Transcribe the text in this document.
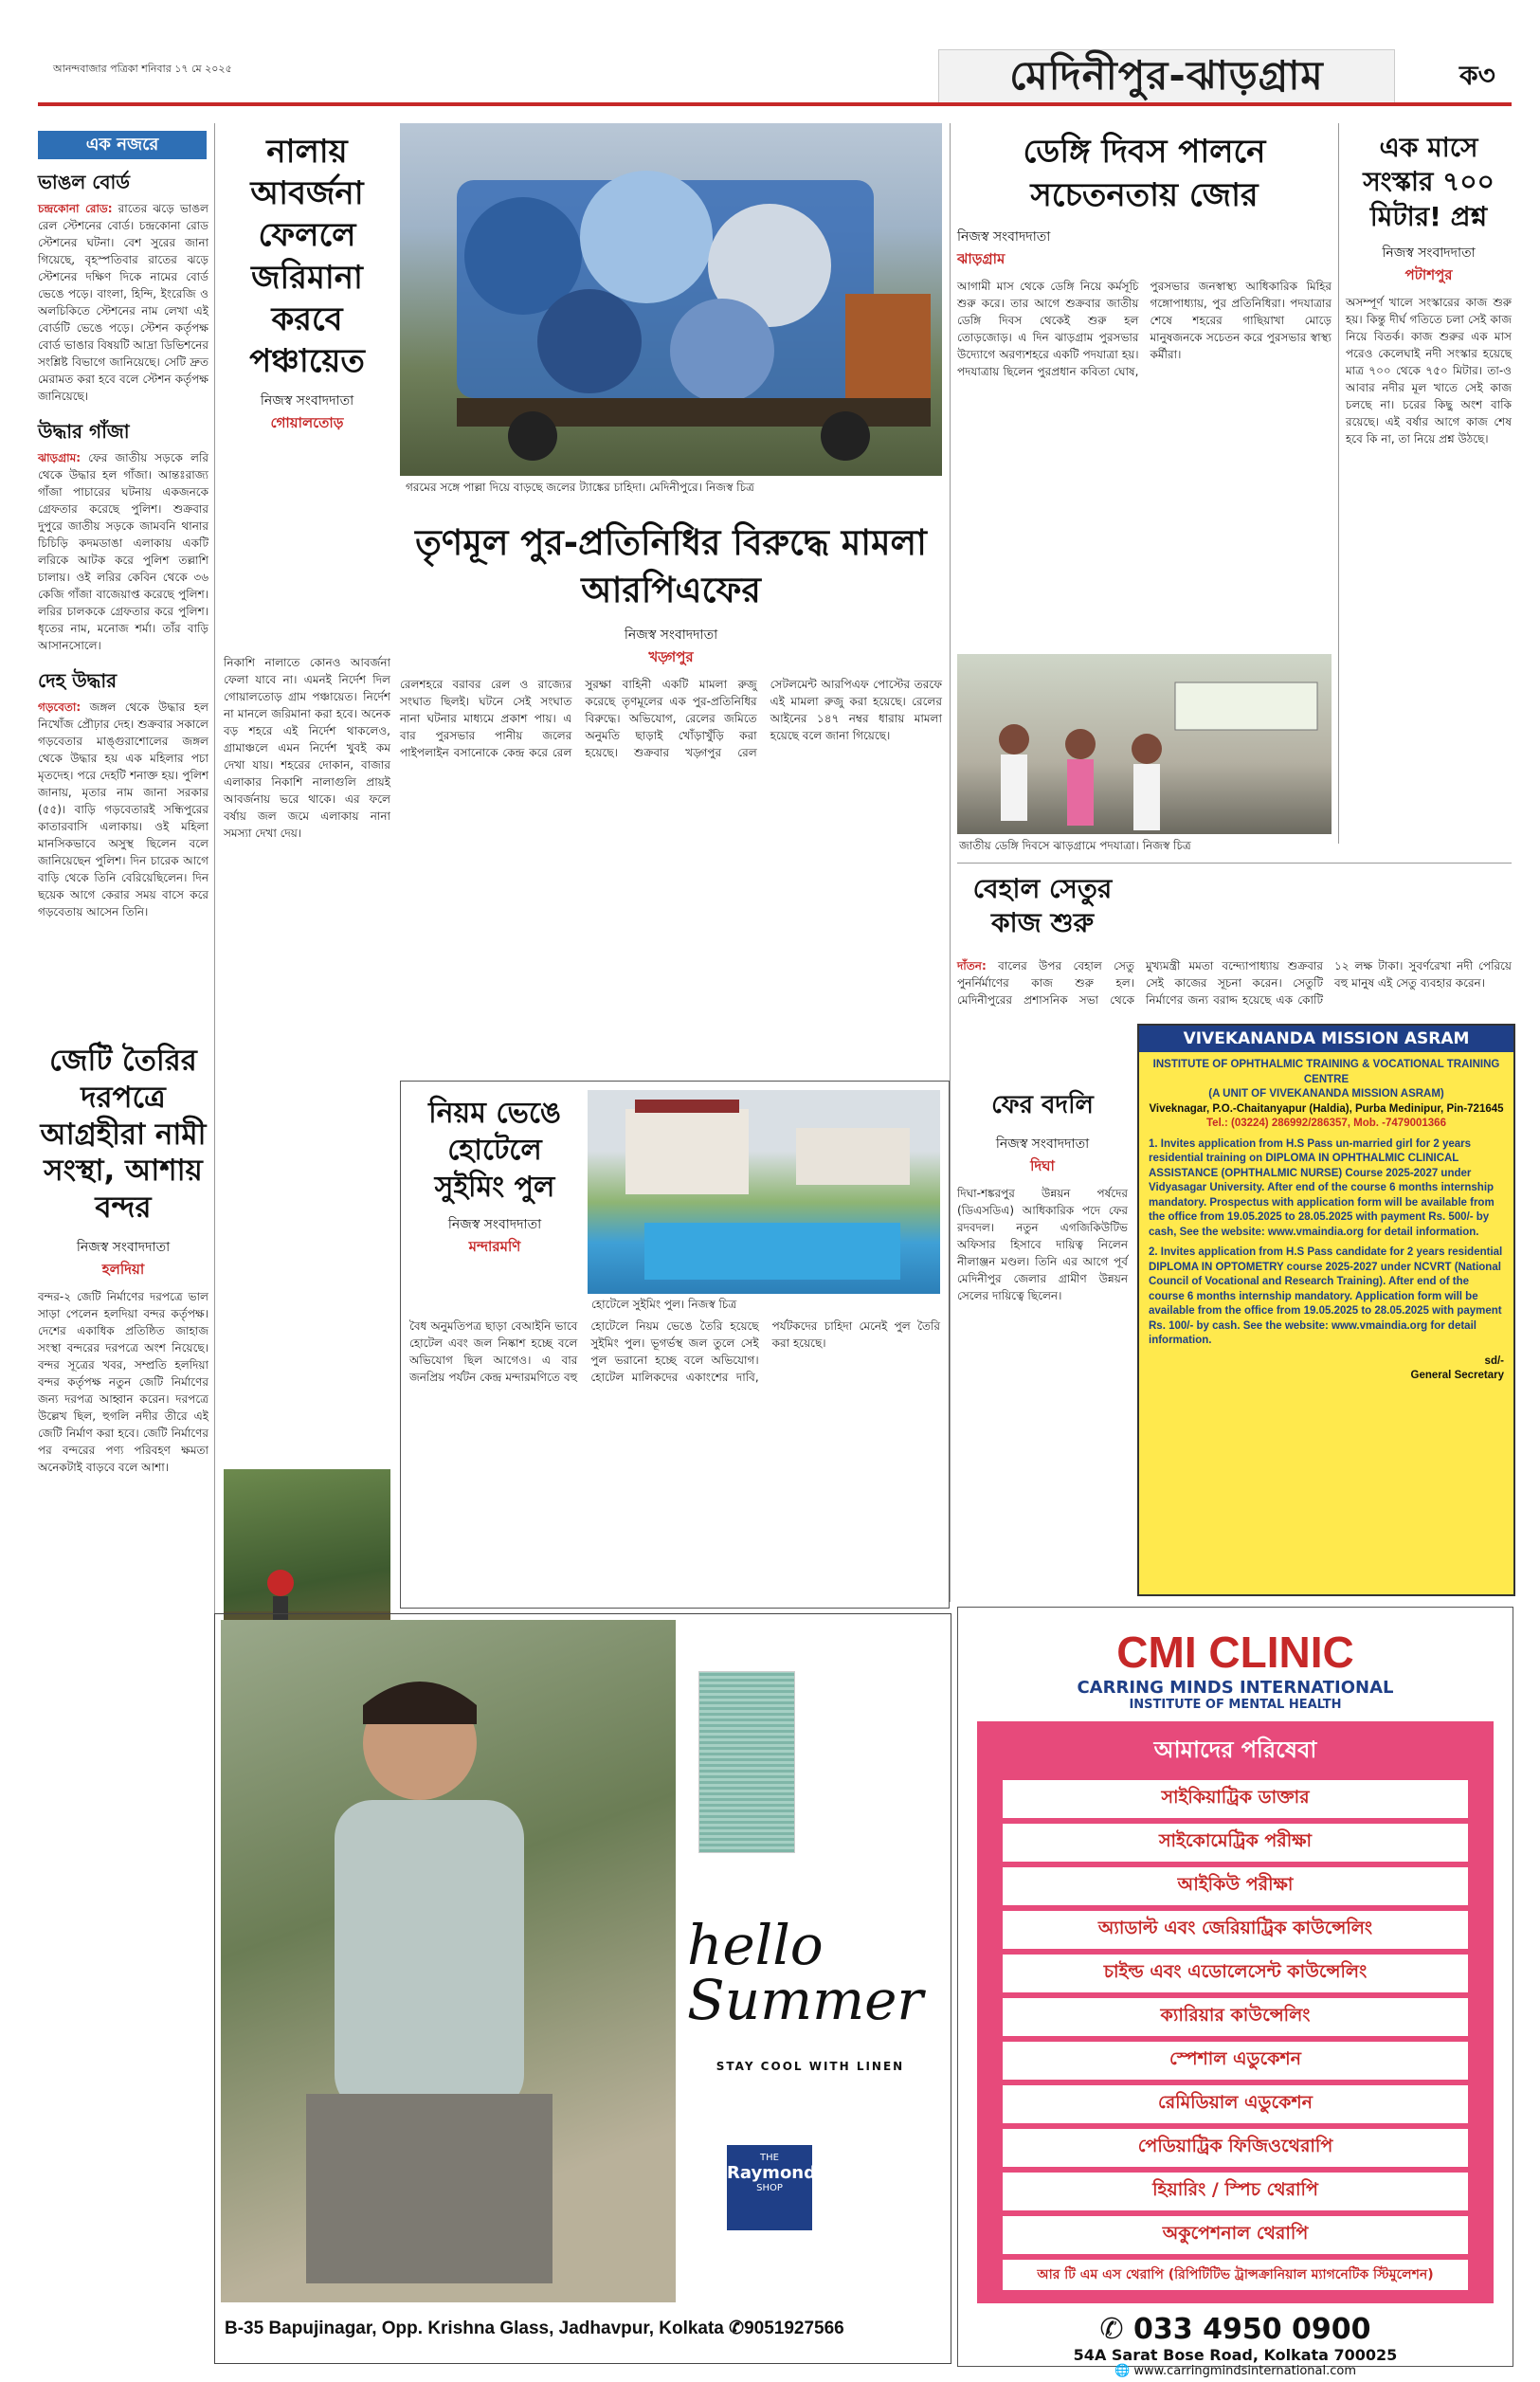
আনন্দবাজার পত্রিকা শনিবার ১৭ মে ২০২৫	মেদিনীপুর-ঝাড়গ্রাম	ক৩
এক নজরে
ভাঙল বোর্ড
চন্দ্রকোনা রোড: রাতের ঝড়ে ভাঙল রেল স্টেশনের বোর্ড। চন্দ্রকোনা রোড স্টেশনের ঘটনা। বেশ সুরের জানা গিয়েছে, বৃহস্পতিবার রাতের ঝড়ে স্টেশনের দক্ষিণ দিকে নামের বোর্ড ভেঙে পড়ে। বাংলা, হিন্দি, ইংরেজি ও অলচিকিতে স্টেশনের নাম লেখা এই বোর্ডটি ভেঙে পড়ে। স্টেশন কর্তৃপক্ষ বোর্ড ভাঙার বিষয়টি আদ্রা ডিভিশনের সংশ্লিষ্ট বিভাগে জানিয়েছে। সেটি দ্রুত মেরামত করা হবে বলে স্টেশন কর্তৃপক্ষ জানিয়েছে।
উদ্ধার গাঁজা
ঝাড়গ্রাম: ফের জাতীয় সড়কে লরি থেকে উদ্ধার হল গাঁজা। আন্তঃরাজ্য গাঁজা পাচারের ঘটনায় একজনকে গ্রেফতার করেছে পুলিশ। শুক্রবার দুপুরে জাতীয় সড়কে জামবনি থানার চিচিড়ি কদমডাঙা এলাকায় একটি লরিকে আটক করে পুলিশ তল্লাশি চালায়। ওই লরির কেবিন থেকে ৩৬ কেজি গাঁজা বাজেয়াপ্ত করেছে পুলিশ। লরির চালককে গ্রেফতার করে পুলিশ। ধৃতের নাম, মনোজ শর্মা। তাঁর বাড়ি আসানসোলে।
দেহ উদ্ধার
গড়বেতা: জঙ্গল থেকে উদ্ধার হল নিখোঁজ প্রৌঢ়ার দেহ। শুক্রবার সকালে গড়বেতার মাঙ্গুরাশোলের জঙ্গল থেকে উদ্ধার হয় এক মহিলার পচা মৃতদেহ। পরে দেহটি শনাক্ত হয়। পুলিশ জানায়, মৃতার নাম জানা সরকার (৫৫)। বাড়ি গড়বেতারই সন্ধিপুরের কাতারবাসি এলাকায়। ওই মহিলা মানসিকভাবে অসুস্থ ছিলেন বলে জানিয়েছেন পুলিশ। দিন চারেক আগে বাড়ি থেকে তিনি বেরিয়েছিলেন। দিন ছয়েক আগে কেরার সময় বাসে করে গড়বেতায় আসেন তিনি।
জেটি তৈরির দরপত্রে আগ্রহীরা নামী সংস্থা, আশায় বন্দর
নিজস্ব সংবাদদাতা
হলদিয়া
বন্দর-২ জেটি নির্মাণের দরপত্রে ভাল সাড়া পেলেন হলদিয়া বন্দর কর্তৃপক্ষ। দেশের একাধিক প্রতিষ্ঠিত জাহাজ সংস্থা বন্দরের দরপত্রে অংশ নিয়েছে। বন্দর সূত্রের খবর, সম্প্রতি হলদিয়া বন্দর কর্তৃপক্ষ নতুন জেটি নির্মাণের জন্য দরপত্র আহ্বান করেন। দরপত্রে উল্লেখ ছিল, হুগলি নদীর তীরে এই জেটি নির্মাণ করা হবে। জেটি নির্মাণের পর বন্দরের পণ্য পরিবহণ ক্ষমতা অনেকটাই বাড়বে বলে আশা।
নালায় আবর্জনা ফেললে জরিমানা করবে পঞ্চায়েত
নিজস্ব সংবাদদাতা
গোয়ালতোড়
নিকাশি নালাতে কোনও আবর্জনা ফেলা যাবে না। এমনই নির্দেশ দিল গোয়ালতোড় গ্রাম পঞ্চায়েত। নির্দেশ না মানলে জরিমানা করা হবে। অনেক বড় শহরে এই নির্দেশ থাকলেও, গ্রামাঞ্চলে এমন নির্দেশ খুবই কম দেখা যায়। শহরের দোকান, বাজার এলাকার নিকাশি নালাগুলি প্রায়ই আবর্জনায় ভরে থাকে। এর ফলে বর্ষায় জল জমে এলাকায় নানা সমস্যা দেখা দেয়।
গরমের সঙ্গে পাল্লা দিয়ে বাড়ছে জলের ট্যাঙ্কের চাহিদা। মেদিনীপুরে। নিজস্ব চিত্র
তৃণমূল পুর-প্রতিনিধির বিরুদ্ধে মামলা আরপিএফের
নিজস্ব সংবাদদাতা
খড়্গপুর
রেলশহরে বরাবর রেল ও রাজ্যের সংঘাত ছিলই। ঘটনে সেই সংঘাত নানা ঘটনার মাধ্যমে প্রকাশ পায়। এ বার পুরসভার পানীয় জলের পাইপলাইন বসানোকে কেন্দ্র করে রেল সুরক্ষা বাহিনী একটি মামলা রুজু করেছে তৃণমূলের এক পুর-প্রতিনিধির বিরুদ্ধে। অভিযোগ, রেলের জমিতে অনুমতি ছাড়াই খোঁড়াখুঁড়ি করা হয়েছে। শুক্রবার খড়্গপুর রেল সেটলমেন্ট আরপিএফ পোস্টের তরফে এই মামলা রুজু করা হয়েছে। রেলের আইনের ১৪৭ নম্বর ধারায় মামলা হয়েছে বলে জানা গিয়েছে।
নিয়ম ভেঙে হোটেলে সুইমিং পুল
নিজস্ব সংবাদদাতা
মন্দারমণি
হোটেলে সুইমিং পুল। নিজস্ব চিত্র
বৈধ অনুমতিপত্র ছাড়া বেআইনি ভাবে হোটেল এবং জল নিষ্কাশ হচ্ছে বলে অভিযোগ ছিল আগেও। এ বার জনপ্রিয় পর্যটন কেন্দ্র মন্দারমণিতে বহু হোটেলে নিয়ম ভেঙে তৈরি হয়েছে সুইমিং পুল। ভূগর্ভস্থ জল তুলে সেই পুল ভরানো হচ্ছে বলে অভিযোগ। হোটেল মালিকদের একাংশের দাবি, পর্যটকদের চাহিদা মেনেই পুল তৈরি করা হয়েছে।
hello
Summer
STAY COOL WITH LINEN
THE
Raymond
SHOP
B-35 Bapujinagar, Opp. Krishna Glass, Jadhavpur, Kolkata ✆9051927566
ডেঙ্গি দিবস পালনে সচেতনতায় জোর
নিজস্ব সংবাদদাতা
ঝাড়গ্রাম
আগামী মাস থেকে ডেঙ্গি নিয়ে কর্মসূচি শুরু করে। তার আগে শুক্রবার জাতীয় ডেঙ্গি দিবস থেকেই শুরু হল তোড়জোড়। এ দিন ঝাড়গ্রাম পুরসভার উদ্যোগে অরণ্যশহরে একটি পদযাত্রা হয়। পদযাত্রায় ছিলেন পুরপ্রধান কবিতা ঘোষ, পুরসভার জনস্বাস্থ্য আধিকারিক মিহির গঙ্গোপাধ্যায়, পুর প্রতিনিধিরা। পদযাত্রার শেষে শহরের গাছিয়াখা মোড়ে মানুষজনকে সচেতন করে পুরসভার স্বাস্থ্য কর্মীরা।
জাতীয় ডেঙ্গি দিবসে ঝাড়গ্রামে পদযাত্রা। নিজস্ব চিত্র
এক মাসে সংস্কার ৭০০ মিটার! প্রশ্ন
নিজস্ব সংবাদদাতা
পটাশপুর
অসম্পূর্ণ খালে সংস্কারের কাজ শুরু হয়। কিন্তু দীর্ঘ গতিতে চলা সেই কাজ নিয়ে বিতর্ক। কাজ শুরুর এক মাস পরেও কেলেঘাই নদী সংস্কার হয়েছে মাত্র ৭০০ থেকে ৭৫০ মিটার। তা-ও আবার নদীর মূল খাতে সেই কাজ চলছে না। চরের কিছু অংশ বাকি রয়েছে। এই বর্ষার আগে কাজ শেষ হবে কি না, তা নিয়ে প্রশ্ন উঠছে।
বেহাল সেতুর কাজ শুরু
দাঁতন: বালের উপর বেহাল সেতু পুনর্নির্মাণের কাজ শুরু হল। মেদিনীপুরের প্রশাসনিক সভা থেকে মুখ্যমন্ত্রী মমতা বন্দ্যোপাধ্যায় শুক্রবার সেই কাজের সূচনা করেন। সেতুটি নির্মাণের জন্য বরাদ্দ হয়েছে এক কোটি ১২ লক্ষ টাকা। সুবর্ণরেখা নদী পেরিয়ে বহু মানুষ এই সেতু ব্যবহার করেন।
ফের বদলি
নিজস্ব সংবাদদাতা
দিঘা
দিঘা-শঙ্করপুর উন্নয়ন পর্ষদের (ডিএসডিএ) আধিকারিক পদে ফের রদবদল। নতুন এগজিকিউটিভ অফিসার হিসাবে দায়িত্ব নিলেন নীলাঞ্জন মণ্ডল। তিনি এর আগে পূর্ব মেদিনীপুর জেলার গ্রামীণ উন্নয়ন সেলের দায়িত্বে ছিলেন।
VIVEKANANDA MISSION ASRAM
INSTITUTE OF OPHTHALMIC TRAINING & VOCATIONAL TRAINING CENTRE
(A UNIT OF VIVEKANANDA MISSION ASRAM)
Viveknagar, P.O.-Chaitanyapur (Haldia), Purba Medinipur, Pin-721645
Tel.: (03224) 286992/286357, Mob. -7479001366
1. Invites application from H.S Pass un-married girl for 2 years residential training on DIPLOMA IN OPHTHALMIC CLINICAL ASSISTANCE (OPHTHALMIC NURSE) Course 2025-2027 under Vidyasagar University. After end of the course 6 months internship mandatory. Prospectus with application form will be available from the office from 19.05.2025 to 28.05.2025 with payment Rs. 500/- by cash, See the website: www.vmaindia.org for detail information.
2. Invites application from H.S Pass candidate for 2 years residential DIPLOMA IN OPTOMETRY course 2025-2027 under NCVRT (National Council of Vocational and Research Training). After end of the course 6 months internship mandatory. Application form will be available from the office from 19.05.2025 to 28.05.2025 with payment Rs. 100/- by cash. See the website: www.vmaindia.org for detail information.
sd/-
General Secretary
CMI CLINIC
CARRING MINDS INTERNATIONAL
INSTITUTE OF MENTAL HEALTH
আমাদের পরিষেবা
সাইকিয়াট্রিক ডাক্তার
সাইকোমেট্রিক পরীক্ষা
আইকিউ পরীক্ষা
অ্যাডাল্ট এবং জেরিয়াট্রিক কাউন্সেলিং
চাইল্ড এবং এডোলেসেন্ট কাউন্সেলিং
ক্যারিয়ার কাউন্সেলিং
স্পেশাল এডুকেশন
রেমিডিয়াল এডুকেশন
পেডিয়াট্রিক ফিজিওথেরাপি
হিয়ারিং / স্পিচ থেরাপি
অকুপেশনাল থেরাপি
আর টি এম এস থেরাপি (রিপিটিটিভ ট্রান্সক্রানিয়াল ম্যাগনেটিক স্টিমুলেশন)
✆ 033 4950 0900
54A Sarat Bose Road, Kolkata 700025
🌐 www.carringmindsinternational.com
